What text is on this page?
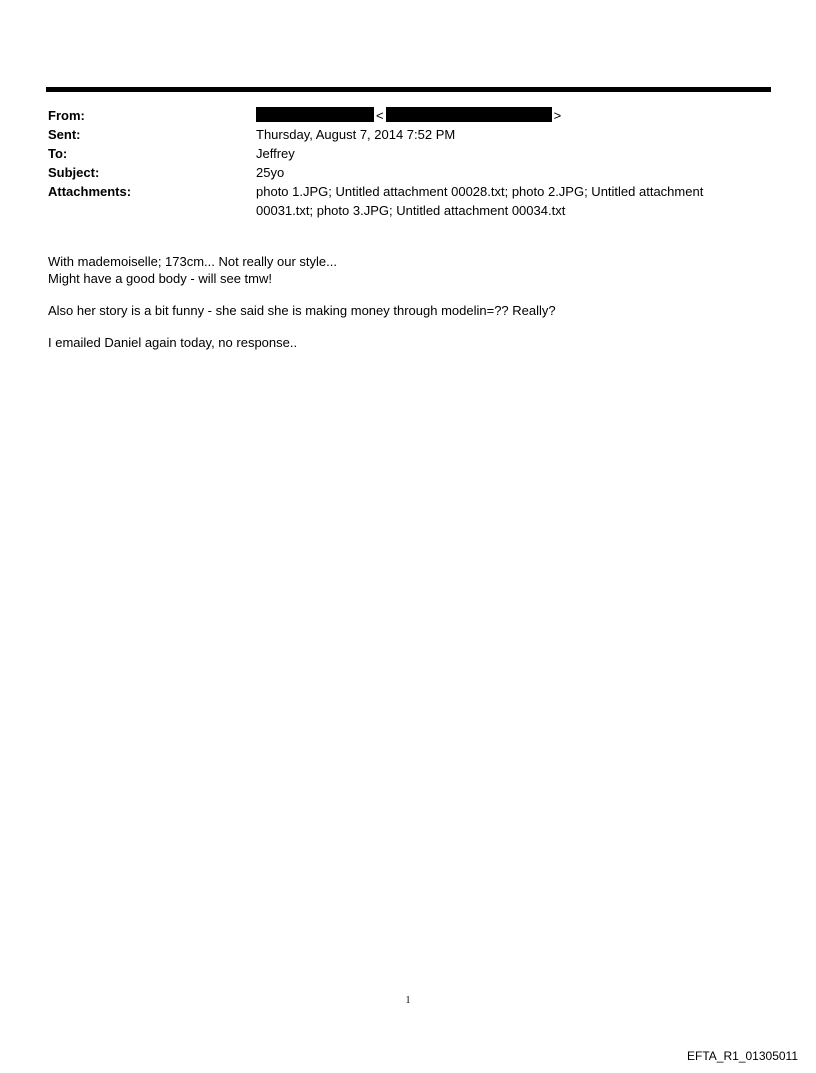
From:	<	>
Sent:	Thursday, August 7, 2014 7:52 PM
To:	Jeffrey
Subject:	25yo
Attachments:	photo 1.JPG; Untitled attachment 00028.txt; photo 2.JPG; Untitled attachment 00031.txt; photo 3.JPG; Untitled attachment 00034.txt

With mademoiselle; 173cm... Not really our style...
Might have a good body - will see tmw!

Also her story is a bit funny - she said she is making money through modelin=?? Really?

I emailed Daniel again today, no response..

1
EFTA_R1_01305011
